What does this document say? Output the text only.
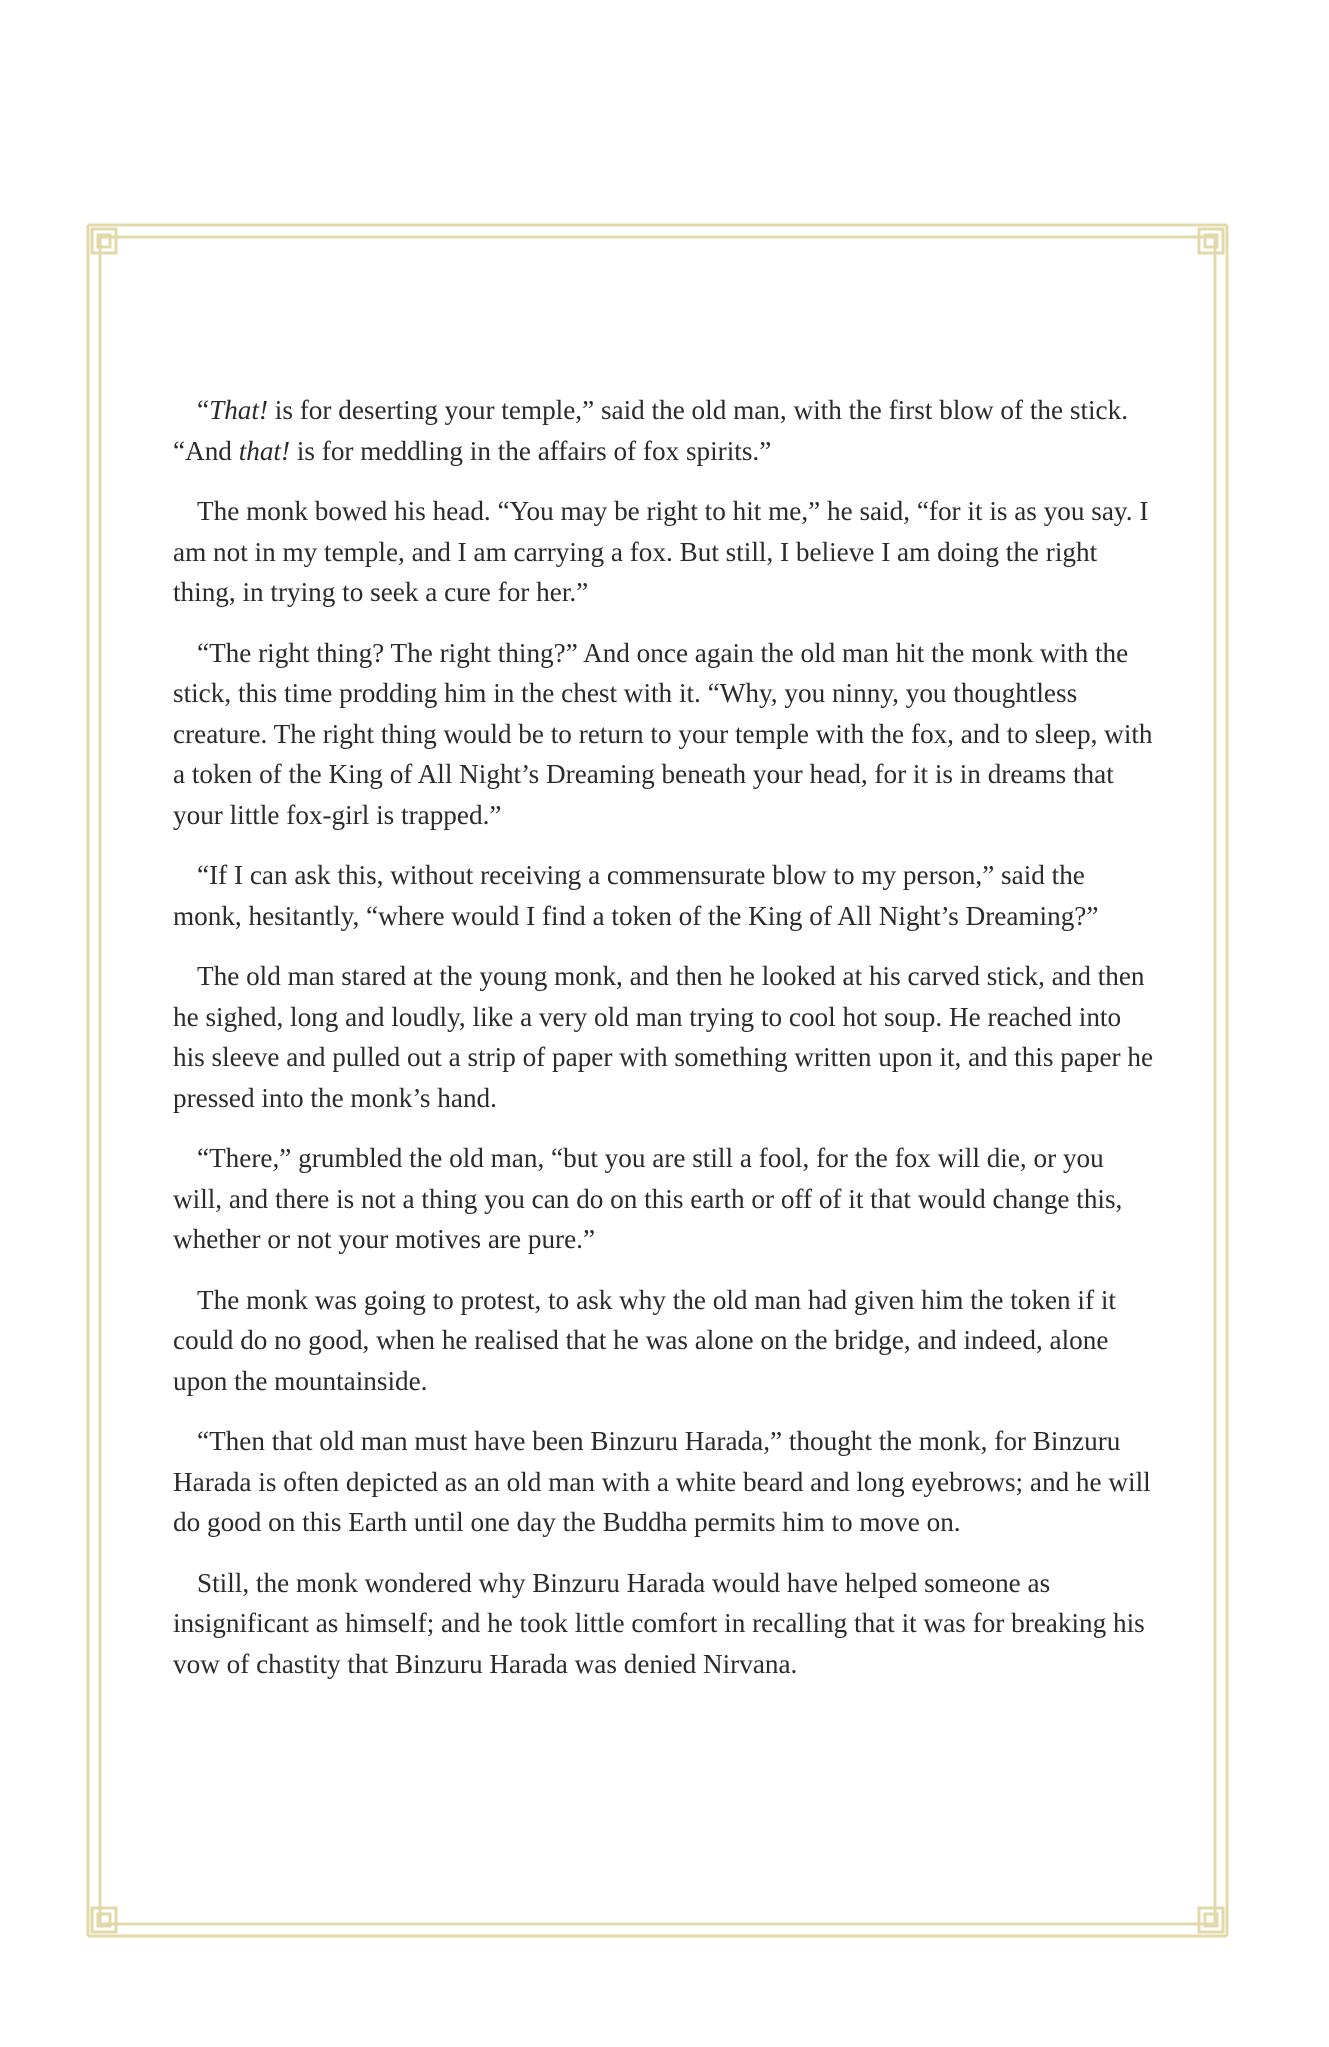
“That! is for deserting your temple,” said the old man, with the first blow of the stick. “And that! is for meddling in the affairs of fox spirits.”

The monk bowed his head. “You may be right to hit me,” he said, “for it is as you say. I am not in my temple, and I am carrying a fox. But still, I believe I am doing the right thing, in trying to seek a cure for her.”

“The right thing? The right thing?” And once again the old man hit the monk with the stick, this time prodding him in the chest with it. “Why, you ninny, you thoughtless creature. The right thing would be to return to your temple with the fox, and to sleep, with a token of the King of All Night’s Dreaming beneath your head, for it is in dreams that your little fox-girl is trapped.”

“If I can ask this, without receiving a commensurate blow to my person,” said the monk, hesitantly, “where would I find a token of the King of All Night’s Dreaming?”

The old man stared at the young monk, and then he looked at his carved stick, and then he sighed, long and loudly, like a very old man trying to cool hot soup. He reached into his sleeve and pulled out a strip of paper with something written upon it, and this paper he pressed into the monk’s hand.

“There,” grumbled the old man, “but you are still a fool, for the fox will die, or you will, and there is not a thing you can do on this earth or off of it that would change this, whether or not your motives are pure.”

The monk was going to protest, to ask why the old man had given him the token if it could do no good, when he realised that he was alone on the bridge, and indeed, alone upon the mountainside.

“Then that old man must have been Binzuru Harada,” thought the monk, for Binzuru Harada is often depicted as an old man with a white beard and long eyebrows; and he will do good on this Earth until one day the Buddha permits him to move on.

Still, the monk wondered why Binzuru Harada would have helped someone as insignificant as himself; and he took little comfort in recalling that it was for breaking his vow of chastity that Binzuru Harada was denied Nirvana.
